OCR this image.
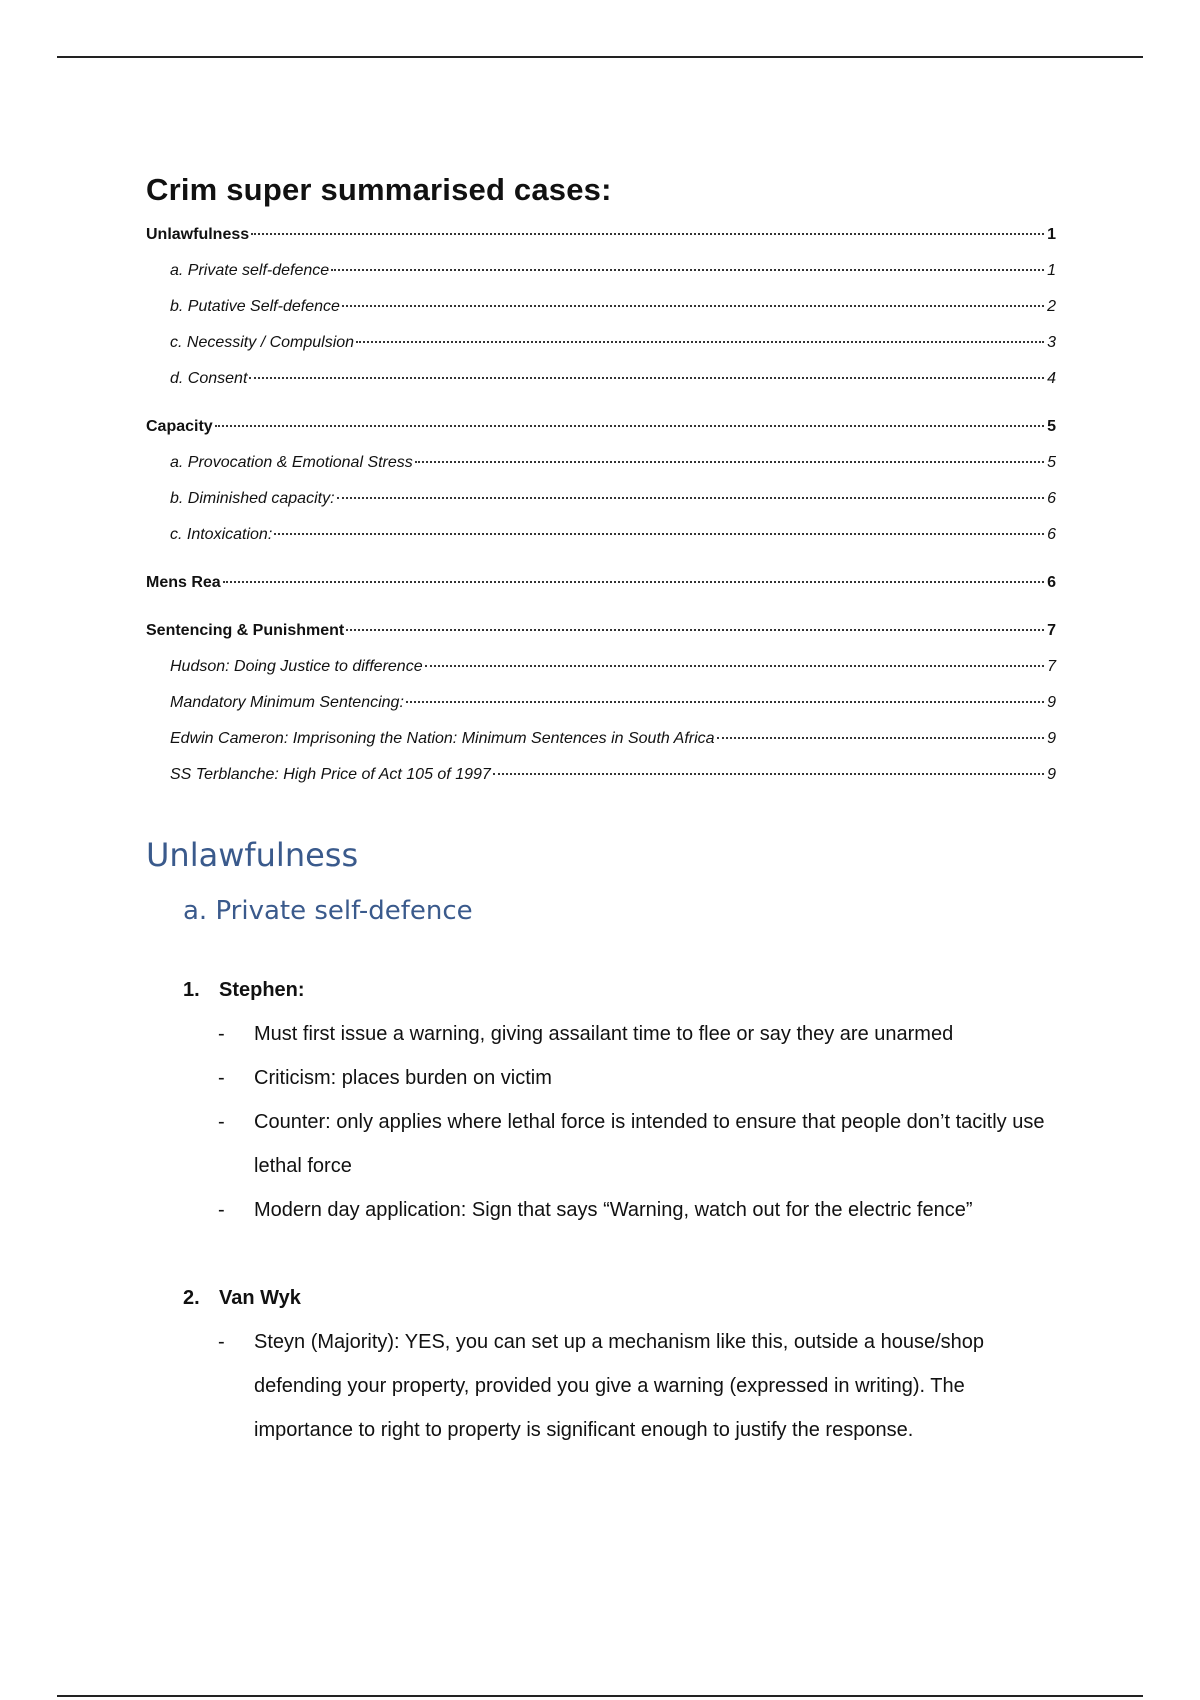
Crim super summarised cases:
Unlawfulness	1
a. Private self-defence	1
b. Putative Self-defence	2
c. Necessity / Compulsion	3
d. Consent	4
Capacity	5
a. Provocation & Emotional Stress	5
b. Diminished capacity:	6
c. Intoxication:	6
Mens Rea	6
Sentencing & Punishment	7
Hudson: Doing Justice to difference	7
Mandatory Minimum Sentencing:	9
Edwin Cameron: Imprisoning the Nation: Minimum Sentences in South Africa	9
SS Terblanche: High Price of Act 105 of 1997	9
Unlawfulness
a. Private self-defence
1. Stephen:
-	Must first issue a warning, giving assailant time to flee or say they are unarmed
-	Criticism: places burden on victim
-	Counter: only applies where lethal force is intended to ensure that people don’t tacitly use lethal force
-	Modern day application: Sign that says “Warning, watch out for the electric fence”
2. Van Wyk
-	Steyn (Majority): YES, you can set up a mechanism like this, outside a house/shop defending your property, provided you give a warning (expressed in writing). The importance to right to property is significant enough to justify the response.
